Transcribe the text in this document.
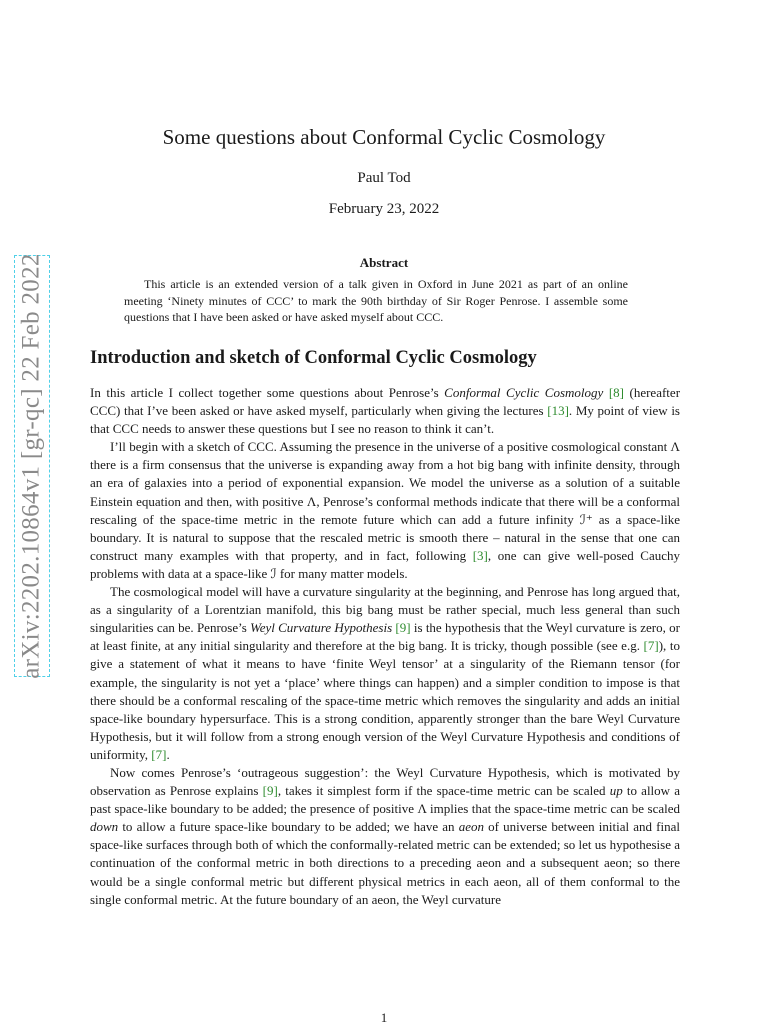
arXiv:2202.10864v1 [gr-qc] 22 Feb 2022
Some questions about Conformal Cyclic Cosmology
Paul Tod
February 23, 2022
Abstract

This article is an extended version of a talk given in Oxford in June 2021 as part of an online meeting ‘Ninety minutes of CCC’ to mark the 90th birthday of Sir Roger Penrose. I assemble some questions that I have been asked or have asked myself about CCC.

Introduction and sketch of Conformal Cyclic Cosmology

In this article I collect together some questions about Penrose’s Conformal Cyclic Cosmology [8] (hereafter CCC) that I’ve been asked or have asked myself, particularly when giving the lectures [13]. My point of view is that CCC needs to answer these questions but I see no reason to think it can’t.

I’ll begin with a sketch of CCC. Assuming the presence in the universe of a positive cosmological constant Λ there is a firm consensus that the universe is expanding away from a hot big bang with infinite density, through an era of galaxies into a period of exponential expansion. We model the universe as a solution of a suitable Einstein equation and then, with positive Λ, Penrose’s conformal methods indicate that there will be a conformal rescaling of the space-time metric in the remote future which can add a future infinity ℐ⁺ as a space-like boundary. It is natural to suppose that the rescaled metric is smooth there – natural in the sense that one can construct many examples with that property, and in fact, following [3], one can give well-posed Cauchy problems with data at a space-like ℐ for many matter models.

The cosmological model will have a curvature singularity at the beginning, and Penrose has long argued that, as a singularity of a Lorentzian manifold, this big bang must be rather special, much less general than such singularities can be. Penrose’s Weyl Curvature Hypothesis [9] is the hypothesis that the Weyl curvature is zero, or at least finite, at any initial singularity and therefore at the big bang. It is tricky, though possible (see e.g. [7]), to give a statement of what it means to have ‘finite Weyl tensor’ at a singularity of the Riemann tensor (for example, the singularity is not yet a ‘place’ where things can happen) and a simpler condition to impose is that there should be a conformal rescaling of the space-time metric which removes the singularity and adds an initial space-like boundary hypersurface. This is a strong condition, apparently stronger than the bare Weyl Curvature Hypothesis, but it will follow from a strong enough version of the Weyl Curvature Hypothesis and conditions of uniformity, [7].

Now comes Penrose’s ‘outrageous suggestion’: the Weyl Curvature Hypothesis, which is motivated by observation as Penrose explains [9], takes it simplest form if the space-time metric can be scaled up to allow a past space-like boundary to be added; the presence of positive Λ implies that the space-time metric can be scaled down to allow a future space-like boundary to be added; we have an aeon of universe between initial and final space-like surfaces through both of which the conformally-related metric can be extended; so let us hypothesise a continuation of the conformal metric in both directions to a preceding aeon and a subsequent aeon; so there would be a single conformal metric but different physical metrics in each aeon, all of them conformal to the single conformal metric. At the future boundary of an aeon, the Weyl curvature

1
